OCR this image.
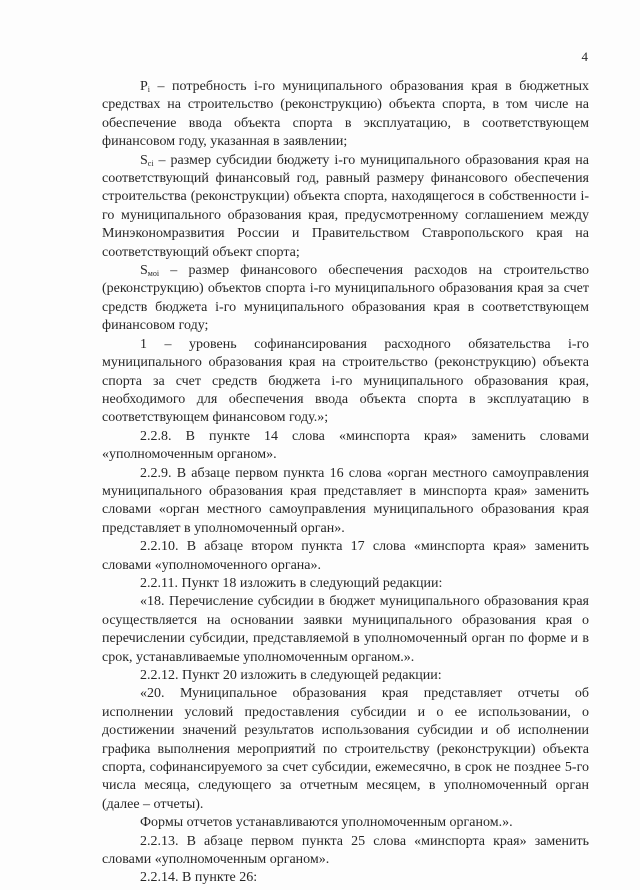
4

$P_i$ – потребность i-го муниципального образования края в бюджетных средствах на строительство (реконструкцию) объекта спорта, в том числе на обеспечение ввода объекта спорта в эксплуатацию, в соответствующем финансовом году, указанная в заявлении;

$S_{ci}$ – размер субсидии бюджету i-го муниципального образования края на соответствующий финансовый год, равный размеру финансового обеспечения строительства (реконструкции) объекта спорта, находящегося в собственности i-го муниципального образования края, предусмотренному соглашением между Минэкономразвития России и Правительством Ставропольского края на соответствующий объект спорта;

$S_{мoi}$ – размер финансового обеспечения расходов на строительство (реконструкцию) объектов спорта i-го муниципального образования края за счет средств бюджета i-го муниципального образования края в соответствующем финансовом году;

1 – уровень софинансирования расходного обязательства i-го муниципального образования края на строительство (реконструкцию) объекта спорта за счет средств бюджета i-го муниципального образования края, необходимого для обеспечения ввода объекта спорта в эксплуатацию в соответствующем финансовом году.»;

2.2.8. В пункте 14 слова «минспорта края» заменить словами «уполномоченным органом».

2.2.9. В абзаце первом пункта 16 слова «орган местного самоуправления муниципального образования края представляет в минспорта края» заменить словами «орган местного самоуправления муниципального образования края представляет в уполномоченный орган».

2.2.10. В абзаце втором пункта 17 слова «минспорта края» заменить словами «уполномоченного органа».

2.2.11. Пункт 18 изложить в следующий редакции:

«18. Перечисление субсидии в бюджет муниципального образования края осуществляется на основании заявки муниципального образования края о перечислении субсидии, представляемой в уполномоченный орган по форме и в срок, устанавливаемые уполномоченным органом.».

2.2.12. Пункт 20 изложить в следующей редакции:

«20. Муниципальное образования края представляет отчеты об исполнении условий предоставления субсидии и о ее использовании, о достижении значений результатов использования субсидии и об исполнении графика выполнения мероприятий по строительству (реконструкции) объекта спорта, софинансируемого за счет субсидии, ежемесячно, в срок не позднее 5-го числа месяца, следующего за отчетным месяцем, в уполномоченный орган (далее – отчеты).

Формы отчетов устанавливаются уполномоченным органом.».

2.2.13. В абзаце первом пункта 25 слова «минспорта края» заменить словами «уполномоченным органом».

2.2.14. В пункте 26:
